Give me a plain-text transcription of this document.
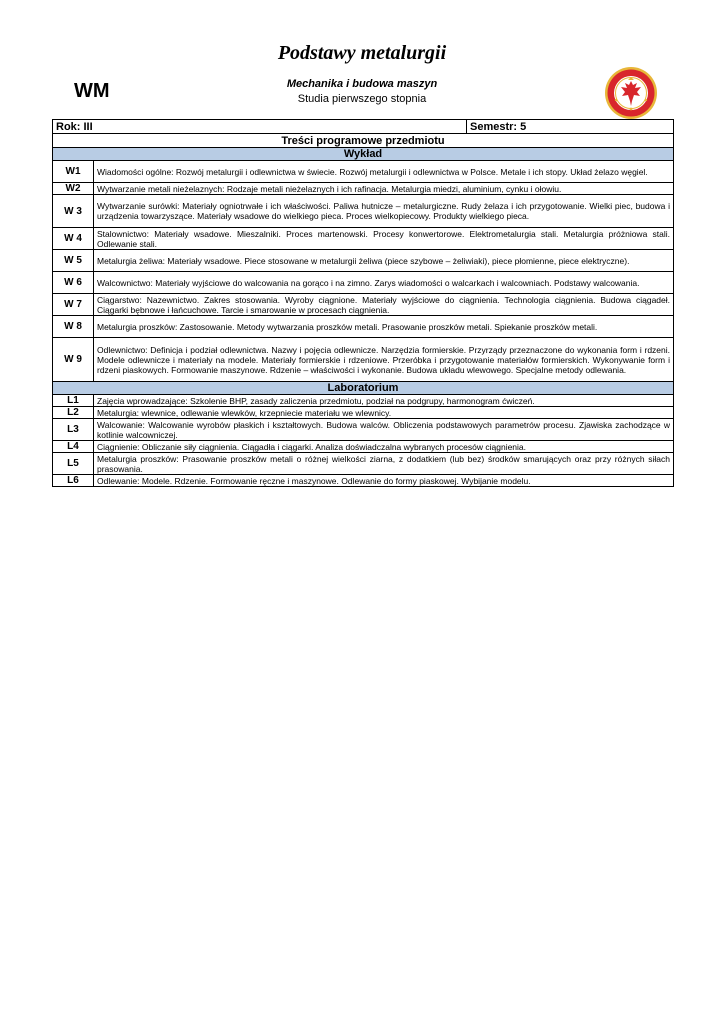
Podstawy metalurgii
WM	Mechanika i budowa maszyn
Studia pierwszego stopnia
Rok: III		Semestr: 5
Treści programowe przedmiotu		
Wykład		
W1	Wiadomości ogólne: Rozwój metalurgii i odlewnictwa w świecie. Rozwój metalurgii i odlewnictwa w Polsce. Metale i ich stopy. Układ żelazo węgiel.	
W2	Wytwarzanie metali nieżelaznych: Rodzaje metali nieżelaznych i ich rafinacja. Metalurgia miedzi, aluminium, cynku i ołowiu.	
W 3	Wytwarzanie surówki: Materiały ogniotrwałe i ich właściwości. Paliwa hutnicze – metalurgiczne. Rudy żelaza i ich przygotowanie. Wielki piec, budowa i urządzenia towarzyszące. Materiały wsadowe do wielkiego pieca. Proces wielkopiecowy. Produkty wielkiego pieca.	
W 4	Stalownictwo: Materiały wsadowe. Mieszalniki. Proces martenowski. Procesy konwertorowe. Elektrometalurgia stali. Metalurgia próżniowa stali. Odlewanie stali.	
W 5	Metalurgia żeliwa: Materiały wsadowe. Piece stosowane w metalurgii żeliwa (piece szybowe – żeliwiaki), piece płomienne, piece elektryczne).	
W 6	Walcownictwo: Materiały wyjściowe do walcowania na gorąco i na zimno. Zarys wiadomości o walcarkach i walcowniach. Podstawy walcowania.	
W 7	Ciągarstwo: Nazewnictwo. Zakres stosowania. Wyroby ciągnione. Materiały wyjściowe do ciągnienia. Technologia ciągnienia. Budowa ciągadeł. Ciągarki bębnowe i łańcuchowe. Tarcie i smarowanie w procesach ciągnienia.	
W 8	Metalurgia proszków: Zastosowanie. Metody wytwarzania proszków metali. Prasowanie proszków metali. Spiekanie proszków metali.	
W 9	Odlewnictwo: Definicja i podział odlewnictwa. Nazwy i pojęcia odlewnicze. Narzędzia formierskie. Przyrządy przeznaczone do wykonania form i rdzeni. Modele odlewnicze i materiały na modele. Materiały formierskie i rdzeniowe. Przeróbka i przygotowanie materiałów formierskich. Wykonywanie form i rdzeni piaskowych. Formowanie maszynowe. Rdzenie – właściwości i wykonanie. Budowa układu wlewowego. Specjalne metody odlewania.	
Laboratorium		
L1	Zajęcia wprowadzające: Szkolenie BHP, zasady zaliczenia przedmiotu, podział na podgrupy, harmonogram ćwiczeń.	
L2	Metalurgia: wlewnice, odlewanie wlewków, krzepniecie materiału we wlewnicy.	
L3	Walcowanie: Walcowanie wyrobów płaskich i kształtowych. Budowa walców. Obliczenia podstawowych parametrów procesu. Zjawiska zachodzące w kotlinie walcowniczej.	
L4	Ciągnienie: Obliczanie siły ciągnienia. Ciągadła i ciągarki. Analiza doświadczalna wybranych procesów ciągnienia.	
L5	Metalurgia proszków: Prasowanie proszków metali o różnej wielkości ziarna, z dodatkiem (lub bez) środków smarujących oraz przy różnych siłach prasowania.	
L6	Odlewanie: Modele. Rdzenie. Formowanie ręczne i maszynowe. Odlewanie do formy piaskowej. Wybijanie modelu.	
